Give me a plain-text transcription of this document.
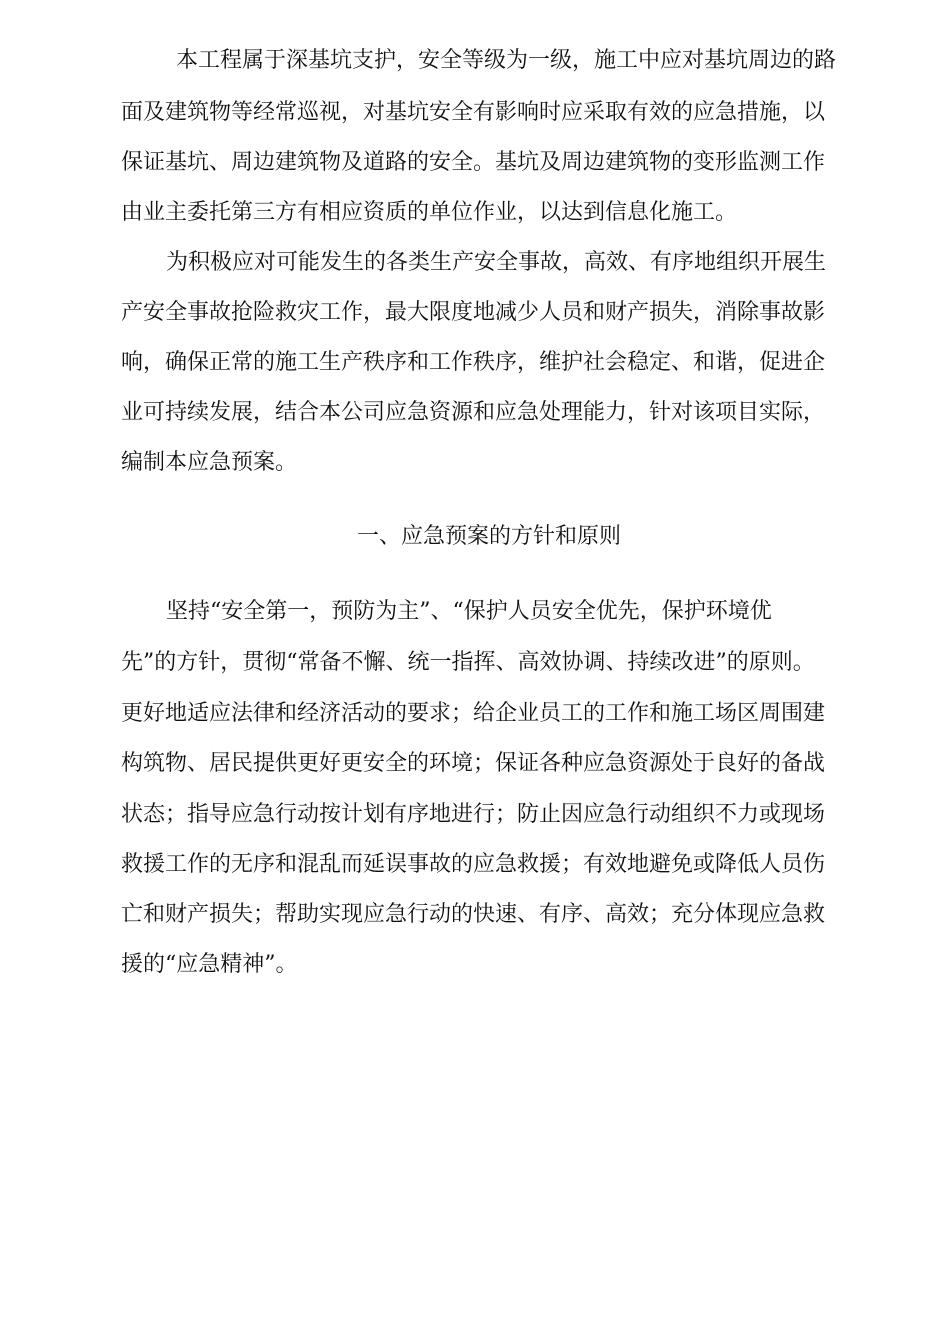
本工程属于深基坑支护，安全等级为一级，施工中应对基坑周边的路
面及建筑物等经常巡视，对基坑安全有影响时应采取有效的应急措施，以
保证基坑、周边建筑物及道路的安全。基坑及周边建筑物的变形监测工作
由业主委托第三方有相应资质的单位作业，以达到信息化施工。
为积极应对可能发生的各类生产安全事故，高效、有序地组织开展生
产安全事故抢险救灾工作，最大限度地减少人员和财产损失，消除事故影
响，确保正常的施工生产秩序和工作秩序，维护社会稳定、和谐，促进企
业可持续发展，结合本公司应急资源和应急处理能力，针对该项目实际，
编制本应急预案。
一、应急预案的方针和原则
坚持“安全第一，预防为主”、“保护人员安全优先，保护环境优
先”的方针，贯彻“常备不懈、统一指挥、高效协调、持续改进”的原则。
更好地适应法律和经济活动的要求；给企业员工的工作和施工场区周围建
构筑物、居民提供更好更安全的环境；保证各种应急资源处于良好的备战
状态；指导应急行动按计划有序地进行；防止因应急行动组织不力或现场
救援工作的无序和混乱而延误事故的应急救援；有效地避免或降低人员伤
亡和财产损失；帮助实现应急行动的快速、有序、高效；充分体现应急救
援的“应急精神”。
